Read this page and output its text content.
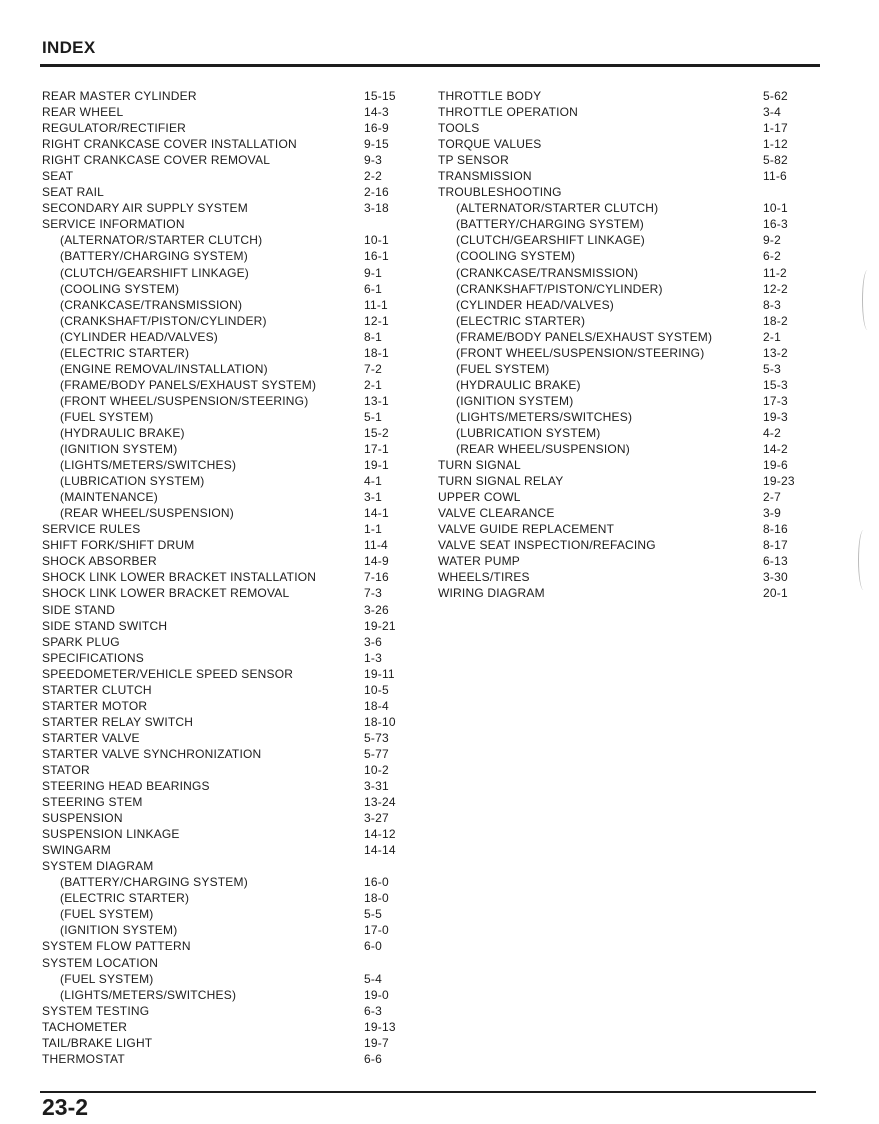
INDEX
REAR MASTER CYLINDER	15-15
REAR WHEEL	14-3
REGULATOR/RECTIFIER	16-9
RIGHT CRANKCASE COVER INSTALLATION	9-15
RIGHT CRANKCASE COVER REMOVAL	9-3
SEAT	2-2
SEAT RAIL	2-16
SECONDARY AIR SUPPLY SYSTEM	3-18
SERVICE INFORMATION
(ALTERNATOR/STARTER CLUTCH)	10-1
(BATTERY/CHARGING SYSTEM)	16-1
(CLUTCH/GEARSHIFT LINKAGE)	9-1
(COOLING SYSTEM)	6-1
(CRANKCASE/TRANSMISSION)	11-1
(CRANKSHAFT/PISTON/CYLINDER)	12-1
(CYLINDER HEAD/VALVES)	8-1
(ELECTRIC STARTER)	18-1
(ENGINE REMOVAL/INSTALLATION)	7-2
(FRAME/BODY PANELS/EXHAUST SYSTEM)	2-1
(FRONT WHEEL/SUSPENSION/STEERING)	13-1
(FUEL SYSTEM)	5-1
(HYDRAULIC BRAKE)	15-2
(IGNITION SYSTEM)	17-1
(LIGHTS/METERS/SWITCHES)	19-1
(LUBRICATION SYSTEM)	4-1
(MAINTENANCE)	3-1
(REAR WHEEL/SUSPENSION)	14-1
SERVICE RULES	1-1
SHIFT FORK/SHIFT DRUM	11-4
SHOCK ABSORBER	14-9
SHOCK LINK LOWER BRACKET INSTALLATION	7-16
SHOCK LINK LOWER BRACKET REMOVAL	7-3
SIDE STAND	3-26
SIDE STAND SWITCH	19-21
SPARK PLUG	3-6
SPECIFICATIONS	1-3
SPEEDOMETER/VEHICLE SPEED SENSOR	19-11
STARTER CLUTCH	10-5
STARTER MOTOR	18-4
STARTER RELAY SWITCH	18-10
STARTER VALVE	5-73
STARTER VALVE SYNCHRONIZATION	5-77
STATOR	10-2
STEERING HEAD BEARINGS	3-31
STEERING STEM	13-24
SUSPENSION	3-27
SUSPENSION LINKAGE	14-12
SWINGARM	14-14
SYSTEM DIAGRAM
(BATTERY/CHARGING SYSTEM)	16-0
(ELECTRIC STARTER)	18-0
(FUEL SYSTEM)	5-5
(IGNITION SYSTEM)	17-0
SYSTEM FLOW PATTERN	6-0
SYSTEM LOCATION
(FUEL SYSTEM)	5-4
(LIGHTS/METERS/SWITCHES)	19-0
SYSTEM TESTING	6-3
TACHOMETER	19-13
TAIL/BRAKE LIGHT	19-7
THERMOSTAT	6-6
THROTTLE BODY	5-62
THROTTLE OPERATION	3-4
TOOLS	1-17
TORQUE VALUES	1-12
TP SENSOR	5-82
TRANSMISSION	11-6
TROUBLESHOOTING
(ALTERNATOR/STARTER CLUTCH)	10-1
(BATTERY/CHARGING SYSTEM)	16-3
(CLUTCH/GEARSHIFT LINKAGE)	9-2
(COOLING SYSTEM)	6-2
(CRANKCASE/TRANSMISSION)	11-2
(CRANKSHAFT/PISTON/CYLINDER)	12-2
(CYLINDER HEAD/VALVES)	8-3
(ELECTRIC STARTER)	18-2
(FRAME/BODY PANELS/EXHAUST SYSTEM)	2-1
(FRONT WHEEL/SUSPENSION/STEERING)	13-2
(FUEL SYSTEM)	5-3
(HYDRAULIC BRAKE)	15-3
(IGNITION SYSTEM)	17-3
(LIGHTS/METERS/SWITCHES)	19-3
(LUBRICATION SYSTEM)	4-2
(REAR WHEEL/SUSPENSION)	14-2
TURN SIGNAL	19-6
TURN SIGNAL RELAY	19-23
UPPER COWL	2-7
VALVE CLEARANCE	3-9
VALVE GUIDE REPLACEMENT	8-16
VALVE SEAT INSPECTION/REFACING	8-17
WATER PUMP	6-13
WHEELS/TIRES	3-30
WIRING DIAGRAM	20-1
23-2
